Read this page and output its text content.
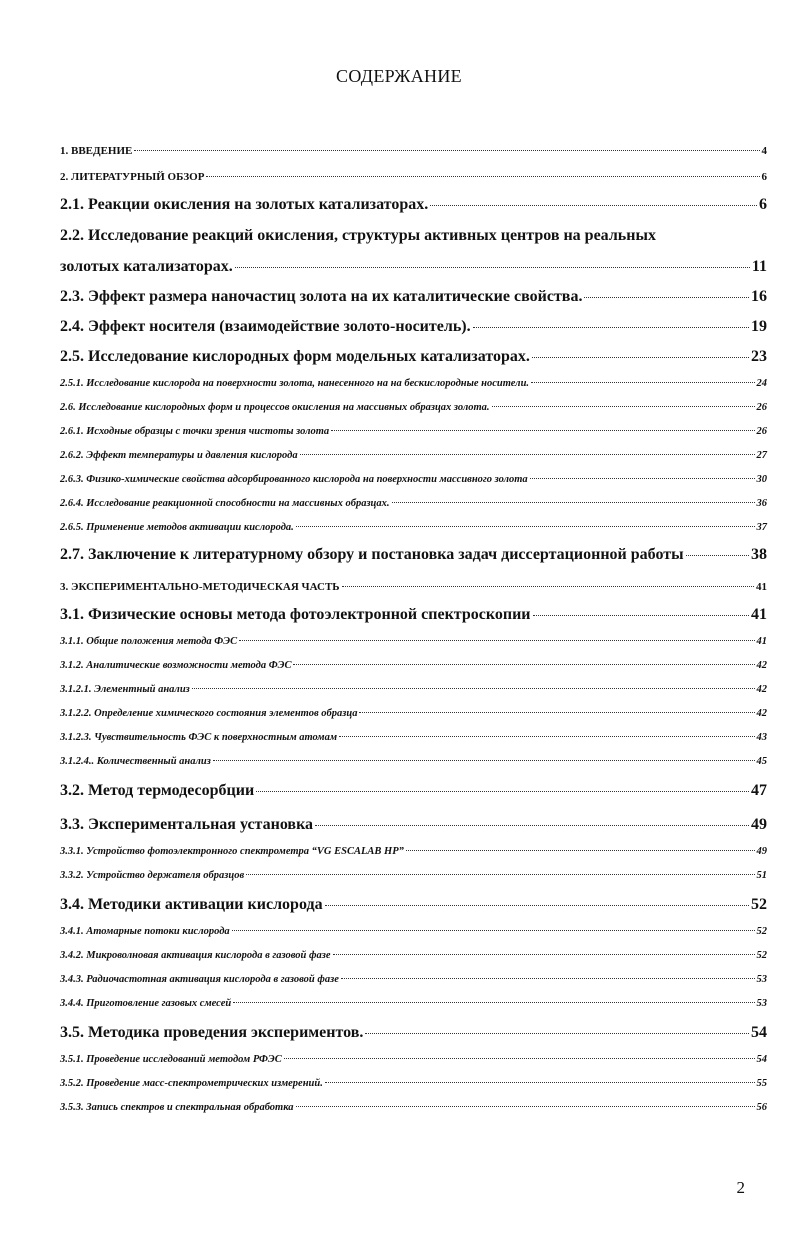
СОДЕРЖАНИЕ
1. ВВЕДЕНИЕ	4
2. ЛИТЕРАТУРНЫЙ ОБЗОР	6
2.1. Реакции окисления на золотых катализаторах.	6
2.2. Исследование реакций окисления, структуры активных центров на реальных
золотых катализаторах.	11
2.3. Эффект размера наночастиц золота на их каталитические свойства.	16
2.4. Эффект носителя (взаимодействие золото-носитель).	19
2.5. Исследование кислородных форм модельных катализаторах.	23
2.5.1. Исследование кислорода на поверхности золота, нанесенного на на бескислородные носители.	24
2.6. Исследование кислородных форм и процессов окисления на массивных образцах золота.	26
2.6.1. Исходные образцы с точки зрения чистоты золота	26
2.6.2. Эффект температуры и давления кислорода	27
2.6.3. Физико-химические свойства адсорбированного кислорода на поверхности массивного золота	30
2.6.4. Исследование реакционной способности на массивных образцах.	36
2.6.5. Применение методов активации кислорода.	37
2.7. Заключение к литературному обзору и постановка задач диссертационной работы	38
3. ЭКСПЕРИМЕНТАЛЬНО-МЕТОДИЧЕСКАЯ ЧАСТЬ	41
3.1. Физические основы метода фотоэлектронной спектроскопии	41
3.1.1. Общие положения метода ФЭС	41
3.1.2. Аналитические возможности метода ФЭС	42
3.1.2.1. Элементный анализ	42
3.1.2.2. Определение химического состояния элементов образца	42
3.1.2.3. Чувствительность ФЭС к поверхностным атомам	43
3.1.2.4.. Количественный анализ	45
3.2. Метод термодесорбции	47
3.3. Экспериментальная установка	49
3.3.1. Устройство фотоэлектронного спектрометра “VG ESCALAB HP”	49
3.3.2. Устройство держателя образцов	51
3.4. Методики активации кислорода	52
3.4.1. Атомарные потоки кислорода	52
3.4.2. Микроволновая активация кислорода в газовой фазе	52
3.4.3. Радиочастотная активация кислорода в газовой фазе	53
3.4.4. Приготовление газовых смесей	53
3.5. Методика проведения экспериментов.	54
3.5.1. Проведение исследований методом РФЭС	54
3.5.2. Проведение масс-спектрометрических измерений.	55
3.5.3. Запись спектров и спектральная обработка	56
2
